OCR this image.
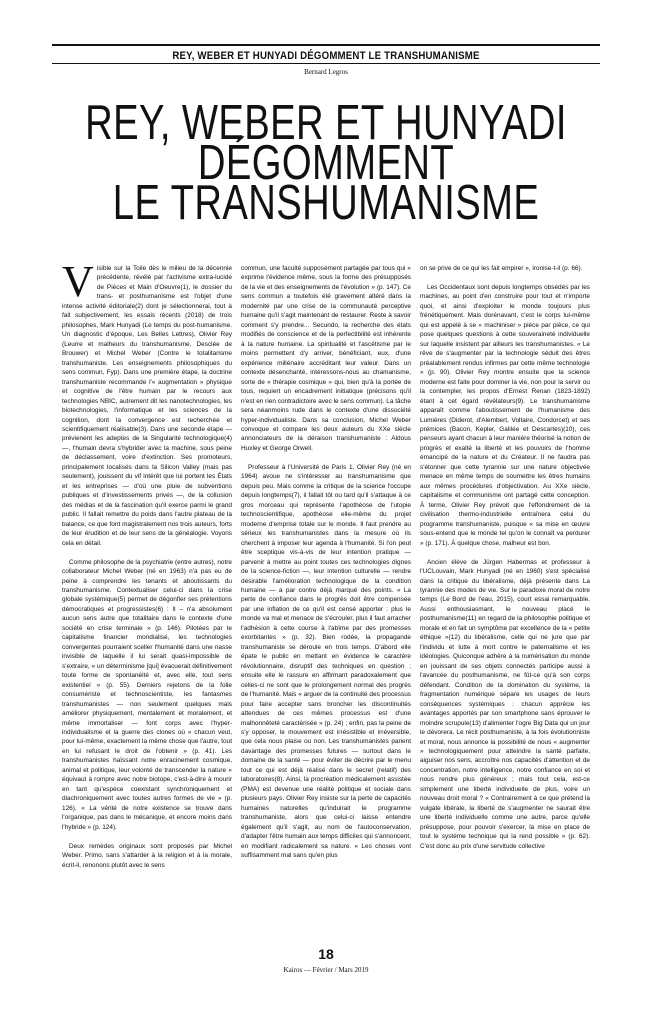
REY, WEBER ET HUNYADI DÉGOMMENT LE TRANSHUMANISME
Bernard Legros
REY, WEBER ET HUNYADI
DÉGOMMENT
LE TRANSHUMANISME

V isible sur la Toile dès le milieu de la décennie précédente, révélé par l'activisme extra-lucide de Pièces et Main d'Oeuvre(1), le dossier du trans- et posthumanisme est l'objet d'une intense activité éditoriale(2) dont je sélectionnerai, tout à fait subjectivement, les essais récents (2018) de trois philosophes, Mark Hunyadi (Le temps du post-humanisme. Un diagnostic d'époque, Les Belles Lettres), Olivier Rey (Leurre et malheurs du transhumanisme, Desclée de Brouwer) et Michel Weber (Contre le totalitarisme transhumaniste. Les enseignements philosophiques du sens commun, Fyp). Dans une première étape, la doctrine transhumaniste recommande l'« augmentation » physique et cognitive de l'être humain par le recours aux technologies NBIC, autrement dit les nanotechnologies, les biotechnologies, l'informatique et les sciences de la cognition, dont la convergence est recherchée et scientifiquement réalisable(3). Dans une seconde étape — prévienent les adeptes de la Singularité technologique(4) —, l'humain devra s'hybrider avec la machine, sous peine de déclassement, voire d'extinction. Ses promoteurs, principalement localisés dans la Silicon Valley (mais pas seulement), jouissent du vif intérêt que lui portent les États et les entreprises — d'où une pluie de subventions publiques et d'investissements privés —, de la collusion des médias et de la fascination qu'il exerce parmi le grand public. Il fallait remettre du poids dans l'autre plateau de la balance, ce que font magistralement nos trois auteurs, forts de leur érudition et de leur sens de la généalogie. Voyons cela en détail.

Comme philosophe de la psychiatrie (entre autres), notre collaborateur Michel Weber (né en 1963) n'a pas eu de peine à comprendre les tenants et aboutissants du transhumanisme. Contextualiser celui-ci dans la crise globale systémique(5) permet de dégonfler ses prétentions démocratiques et progressistes(6) : Il – n'a absolument aucun sens autre que totalitaire dans le contexte d'une société en crise terminale » (p. 146). Pilotées par le capitalisme financier mondialisé, les technologies convergentes pourraient sceller l'humanité dans une nasse invisible de laquelle il lui serait quasi-impossible de s'extraire, « un déterminisme [qui] évacuerait définitivement toute forme de spontanéité et, avec elle, tout sens existentiel » (p. 55). Derniers rejetons de la folie consumériste et technoscientiste, les fantasmes transhumanistes — non seulement quelques mais améliorer physiquement, mentalement et moralement, et même immortaliser — font corps avec l'hyper-individualisme et la guerre des clones où « chacun veut, pour lui-même, exactement la même chose que l'autre, tout en lui refusant le droit de l'obtenir » (p. 41). Les transhumanistes haïssant notre enracinement cosmique, animal et politique, leur volonté de transcender la nature « équivaut à rompre avec notre biotope, c'est-à-dire à mourir en tant qu'espèce coexistant synchroniquement et diachroniquement avec toutes autres formes de vie » (p. 126). « La vérité de notre existence se trouve dans l'organique, pas dans le mécanique, et encore moins dans l'hybride » (p. 124).

Deux remèdes originaux sont proposés par Michel Weber. Primo, sans s'attarder à la religion et à la morale, écrit-il, renonons plutôt avec le sens

commun, une faculté supposément partagée par tous qui « exprime l'évidence même, sous la forme des présupposés de la vie et des enseignements de l'évolution » (p. 147). Ce sens commun a toutefois été gravement altéré dans la modernité par une crise de la communauté perceptive humaine qu'il s'agit maintenant de restaurer. Reste à savoir comment s'y prendre... Secundo, la recherche des états modifiés de conscience et de la perfectibilité est inhérente à la nature humaine. La spiritualité et l'ascétisme par le moins permettent d'y arriver, bénéficiant, eux, d'une expérience millénaire accréditant leur valeur. Dans un contexte désenchanté, intéressons-nous au chamanisme, sorte de « thérapie cosmique » qui, bien qu'à la portée de tous, requiert un encadrement initiatique (précisons qu'il n'est en rien contradictoire avec le sens commun). La tâche sera néanmoins rude dans le contexte d'une dissociété hyper-individualiste. Dans sa conclusion, Michel Weber convoque et compare les deux auteurs du XXe siècle annonciateurs de la déraison transhumaniste : Aldous Huxley et George Orwell.

Professeur à l'Université de Paris 1, Olivier Rey (né en 1964) avoue ne s'intéresser au transhumanisme que depuis peu. Mais comme la critique de la science l'occupe depuis longtemps(7), il fallait tôt ou tard qu'il s'attaque à ce gros morceau qui représente l'apothéose de l'utopie technoscientifique, apothéose elle-même du projet moderne d'emprise totale sur le monde. Il faut prendre au sérieux les transhumanistes dans la mesure où ils cherchent à imposer leur agenda à l'humanité. Si l'on peut être sceptique vis-à-vis de leur intention pratique — parvenir à mettre au point toutes ces technologies dignes de la science-fiction —, leur intention culturelle — rendre désirable l'amélioration technologique de la condition humaine — a par contre déjà marqué des points. « La perte de confiance dans le progrès doit être compensée par une inflation de ce qu'il est censé apporter : plus le monde va mal et menace de s'écrouler, plus il faut arracher l'adhésion à cette course à l'abîme par des promesses exorbitantes » (p. 32). Bien rodée, la propagande transhumaniste se déroule en trois temps. D'abord elle épate le public en mettant en évidence le caractère révolutionnaire, disruptif des techniques en question ; ensuite elle le rassure en affirmant paradoxalement que celles-ci ne sont que le prolongement normal des progrès de l'humanité. Mais « arguer de la continuité des processus pour faire accepter sans broncher les discontinuités attendues de ces mêmes processus est d'une malhonnêteté caractérisée » (p. 24) ; enfin, pas la peine de s'y opposer, le mouvement est irrésistible et irréversible, que cela nous plaise ou non. Les transhumanistes parient davantage des promesses futures — surtout dans le domaine de la santé — pour éviter de décrire par le menu tout ce qui est déjà réalisé dans le secret (relatif) des laboratoires(8). Ainsi, la procréation médicalement assistée (PMA) est devenue une réalité politique et sociale dans plusieurs pays. Olivier Rey insiste sur la perte de capacités humaines naturelles qu'induirait le programme transhumaniste, alors que celui-ci laisse entendre également qu'il s'agit, au nom de l'autoconservation, d'adapter l'être humain aux temps difficiles qui s'annoncent, en modifiant radicalement sa nature. « Les choses vont suffisamment mal sans qu'en plus

on se prive de ce qui les fait empirer », ironise-t-il (p. 66).

Les Occidentaux sont depuis longtemps obsédés par les machines, au point d'en construire pour tout et n'importe quoi, et ainsi d'exploiter le monde toujours plus frénétiquement. Mais dorénavant, c'est le corps lui-même qui est appelé à se « machiniser » pièce par pièce, ce qui pose quelques questions à cette souveraineté individuelle sur laquelle insistent par ailleurs les transhumanistes. « Le rêve de s'augmenter par la technologie séduit des êtres préalablement rendus infirmes par cette même technologie » (p. 90). Olivier Rey montre ensuite que la science moderne est faite pour dominer la vie, non pour la servir ou la contempler, les propos d'Ernest Renan (1823-1892) étant à cet égard révélateurs(9). Le transhumanisme apparaît comme l'aboutissement de l'humanisme des Lumières (Diderot, d'Alembert, Voltaire, Condorcet) et ses prémices (Bacon, Kepler, Galilée et Descartes)(10), ces penseurs ayant chacun à leur manière théorisé la notion de progrès et exalté la liberté et les pouvoirs de l'homme émancipé de la nature et du Créateur. Il ne faudra pas s'étonner que cette tyrannie sur une nature objectivée menace en même temps de soumettre les êtres humains aux mêmes procédures d'objectivation. Au XXe siècle, capitalisme et communisme ont partagé cette conception. À terme, Olivier Rey prévoit que l'effondrement de la civilisation thermo-industrielle entraînera celui du programme transhumaniste, puisque « sa mise en œuvre sous-entend que le monde tel qu'on le connaît va perdurer » (p. 171). À quelque chose, malheur est bon.

Ancien élève de Jürgen Habermas et professeur à l'UCLouvain, Mark Hunyadi (né en 1960) s'est spécialisé dans la critique du libéralisme, déjà présente dans La tyrannie des modes de vie. Sur le paradoxe moral de notre temps (Le Bord de l'eau, 2015), court essai remarquable. Aussi enthousiasmant, le nouveau placé le posthumanisme(11) en regard de la philosophie politique et morale et en fait un symptôme par excellence de la « petite éthique »(12) du libéralisme, celle qui ne jure que par l'individu et lutte à mort contre le paternalisme et les idéologies. Quiconque adhère à la numérisation du monde en jouissant de ses objets connectés participe aussi à l'avancée du posthumanisme, ne fût-ce qu'à son corps défendant. Condition de la domination du système, la fragmentation numérique sépare les usages de leurs conséquences systémiques : chacun apprécie les avantages apportés par son smartphone sans éprouver le moindre scrupule(13) d'alimenter l'ogre Big Data qui un jour le dévorera. Le récit posthumaniste, à la fois évolutionniste et moral, nous annonce la possibilité de nous « augmenter » technologiquement pour atteindre la santé parfaite, aiguiser nos sens, accroître nos capacités d'attention et de concentration, notre intelligence, notre confiance en soi et nous rendre plus généreux ; mais tout cela, est-ce simplement une liberté individuelle de plus, voire un nouveau droit moral ? « Contrairement à ce que prétend la vulgate libérale, la liberté de s'augmenter ne saurait être une liberté individuelle comme une autre, parce qu'elle présuppose, pour pouvoir s'exercer, la mise en place de tout le système technique qui la rend possible » (p. 62). C'est donc au prix d'une servitude collective

18
Kairos — Février / Mars 2019
